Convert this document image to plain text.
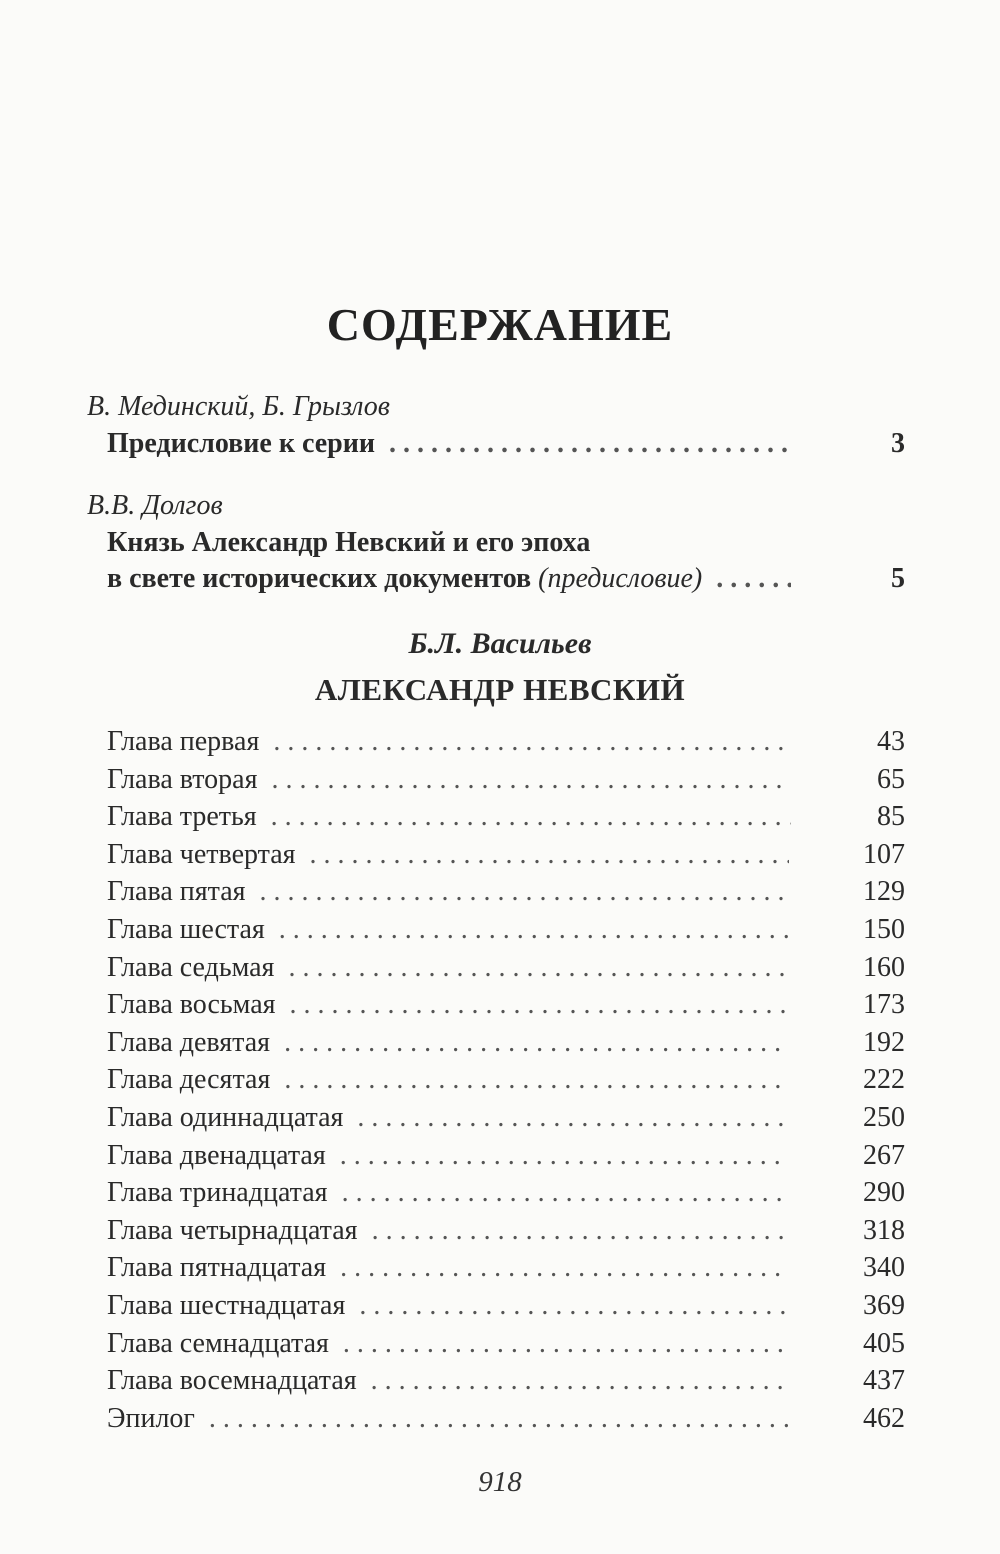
СОДЕРЖАНИЕ
В. Мединский, Б. Грызлов
Предисловие к серии . . .	3
В.В. Долгов
Князь Александр Невский и его эпоха
в свете исторических документов (предисловие) . . .	5
Б.Л. Васильев
АЛЕКСАНДР НЕВСКИЙ
Глава первая . . .	43
Глава вторая . . .	65
Глава третья . . .	85
Глава четвертая . . .	107
Глава пятая . . .	129
Глава шестая . . .	150
Глава седьмая . . .	160
Глава восьмая . . .	173
Глава девятая . . .	192
Глава десятая . . .	222
Глава одиннадцатая . . .	250
Глава двенадцатая . . .	267
Глава тринадцатая . . .	290
Глава четырнадцатая . . .	318
Глава пятнадцатая . . .	340
Глава шестнадцатая . . .	369
Глава семнадцатая . . .	405
Глава восемнадцатая . . .	437
Эпилог . . .	462
918
